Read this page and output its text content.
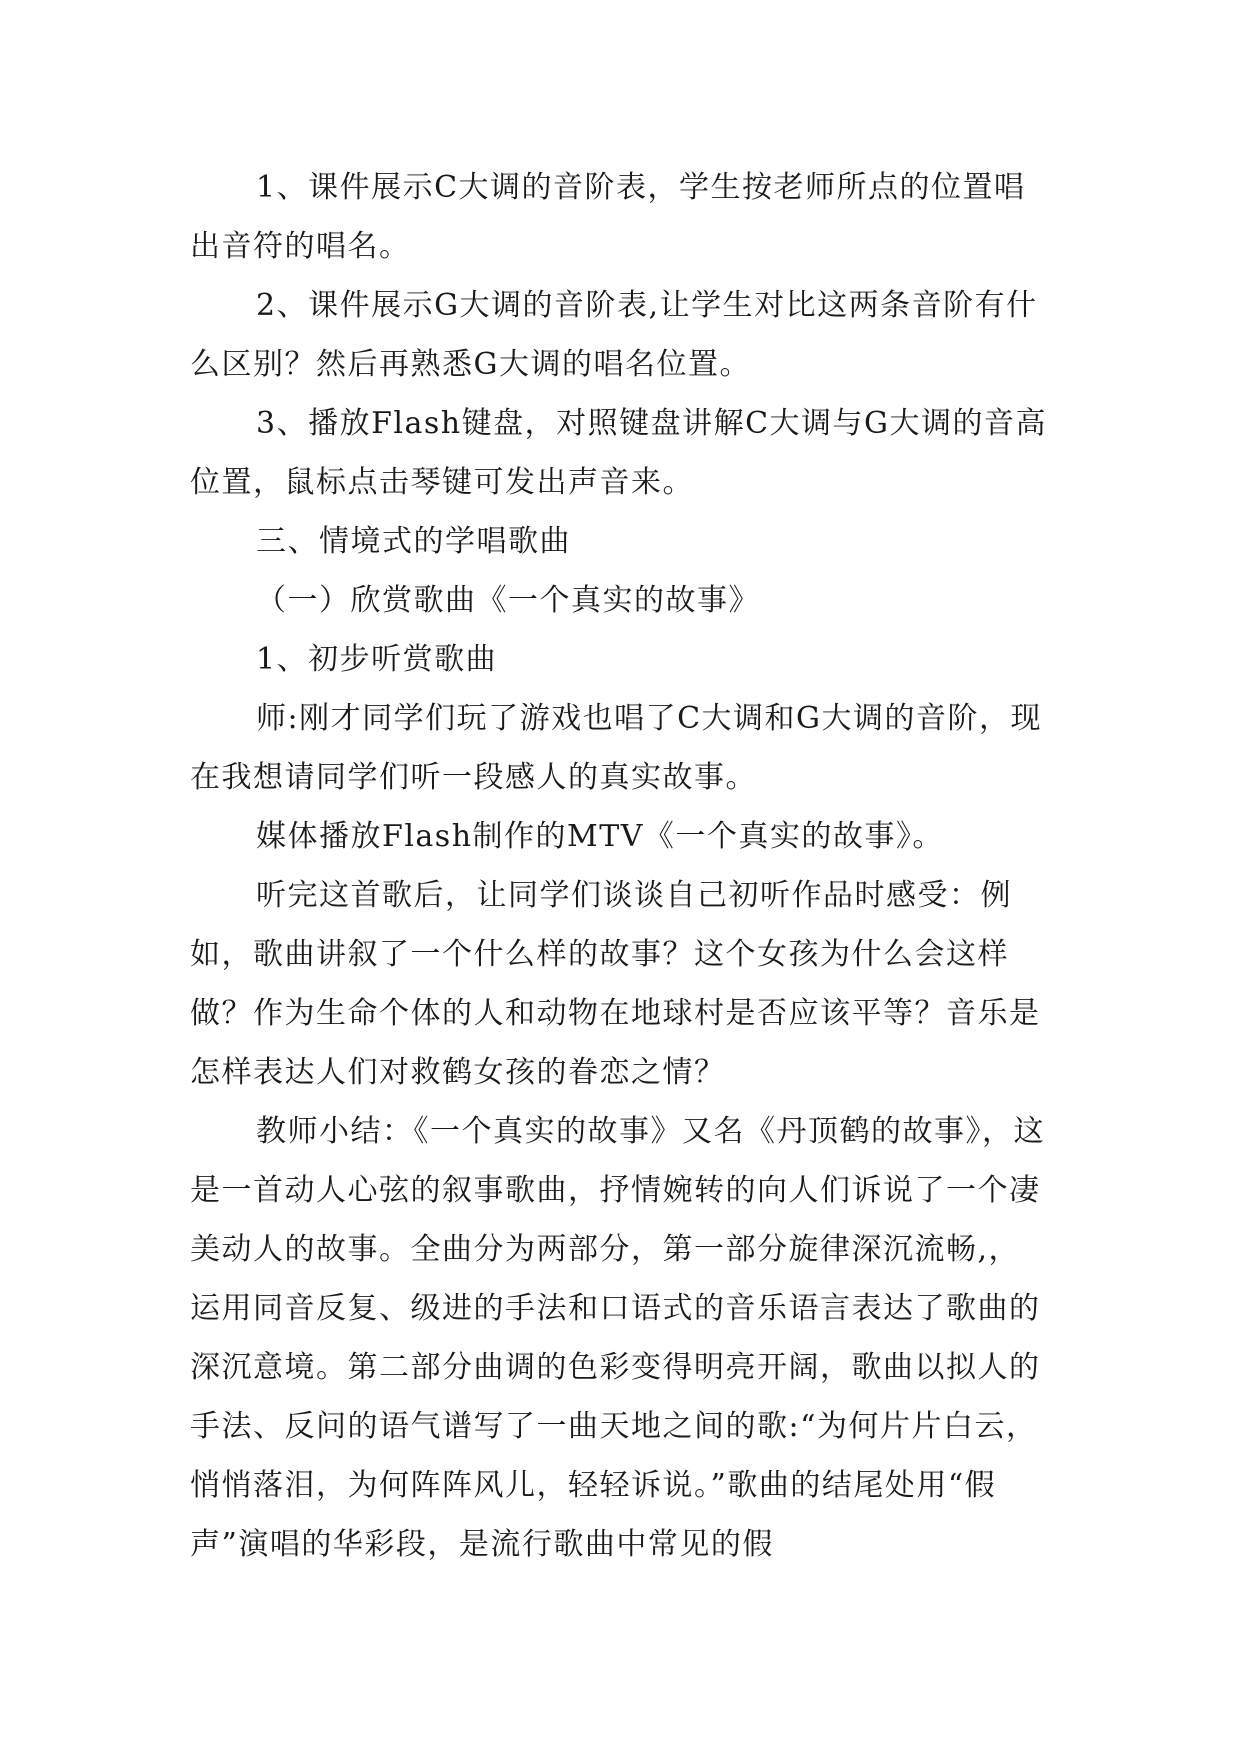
1、课件展示C大调的音阶表，学生按老师所点的位置唱出音符的唱名。

2、课件展示G大调的音阶表,让学生对比这两条音阶有什么区别？然后再熟悉G大调的唱名位置。

3、播放Flash键盘，对照键盘讲解C大调与G大调的音高位置，鼠标点击琴键可发出声音来。

三、情境式的学唱歌曲

（一）欣赏歌曲《一个真实的故事》

1、初步听赏歌曲

师:刚才同学们玩了游戏也唱了C大调和G大调的音阶，现在我想请同学们听一段感人的真实故事。

媒体播放Flash制作的MTV《一个真实的故事》。

听完这首歌后，让同学们谈谈自己初听作品时感受：例如，歌曲讲叙了一个什么样的故事？这个女孩为什么会这样做？作为生命个体的人和动物在地球村是否应该平等？音乐是怎样表达人们对救鹤女孩的眷恋之情？

教师小结：《一个真实的故事》又名《丹顶鹤的故事》，这是一首动人心弦的叙事歌曲，抒情婉转的向人们诉说了一个凄美动人的故事。全曲分为两部分，第一部分旋律深沉流畅,，运用同音反复、级进的手法和口语式的音乐语言表达了歌曲的深沉意境。第二部分曲调的色彩变得明亮开阔，歌曲以拟人的手法、反问的语气谱写了一曲天地之间的歌:“为何片片白云，悄悄落泪，为何阵阵风儿，轻轻诉说。”歌曲的结尾处用“假声”演唱的华彩段，是流行歌曲中常见的假
